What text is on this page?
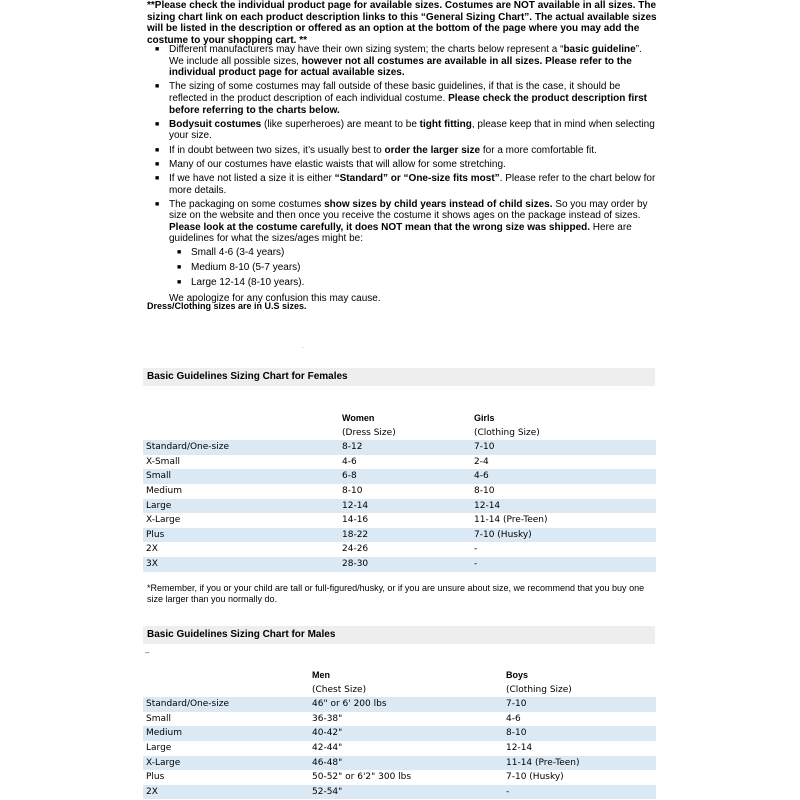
**Please check the individual product page for available sizes. Costumes are NOT available in all sizes. The sizing chart link on each product description links to this “General Sizing Chart”. The actual available sizes will be listed in the description or offered as an option at the bottom of the page where you may add the costume to your shopping cart. **
■ Different manufacturers may have their own sizing system; the charts below represent a “basic guideline”. We include all possible sizes, however not all costumes are available in all sizes. Please refer to the individual product page for actual available sizes.
■ The sizing of some costumes may fall outside of these basic guidelines, if that is the case, it should be reflected in the product description of each individual costume. Please check the product description first before referring to the charts below.
■ Bodysuit costumes (like superheroes) are meant to be tight fitting, please keep that in mind when selecting your size.
■ If in doubt between two sizes, it’s usually best to order the larger size for a more comfortable fit.
■ Many of our costumes have elastic waists that will allow for some stretching.
■ If we have not listed a size it is either “Standard” or “One-size fits most”. Please refer to the chart below for more details.
■ The packaging on some costumes show sizes by child years instead of child sizes. So you may order by size on the website and then once you receive the costume it shows ages on the package instead of sizes. Please look at the costume carefully, it does NOT mean that the wrong size was shipped. Here are guidelines for what the sizes/ages might be:
■ Small 4-6 (3-4 years)
■ Medium 8-10 (5-7 years)
■ Large 12-14 (8-10 years).
We apologize for any confusion this may cause.
Dress/Clothing sizes are in U.S sizes.
.
Basic Guidelines Sizing Chart for Females
	Women	Girls
	(Dress Size)	(Clothing Size)
Standard/One-size	8-12	7-10
X-Small	4-6	2-4
Small	6-8	4-6
Medium	8-10	8-10
Large	12-14	12-14
X-Large	14-16	11-14 (Pre-Teen)
Plus	18-22	7-10 (Husky)
2X	24-26	-
3X	28-30	-
*Remember, if you or your child are tall or full-figured/husky, or if you are unsure about size, we recommend that you buy one size larger than you normally do.
Basic Guidelines Sizing Chart for Males
–
	Men	Boys
	(Chest Size)	(Clothing Size)
Standard/One-size	46" or 6' 200 lbs	7-10
Small	36-38"	4-6
Medium	40-42"	8-10
Large	42-44"	12-14
X-Large	46-48"	11-14 (Pre-Teen)
Plus	50-52" or 6'2" 300 lbs	7-10 (Husky)
2X	52-54"	-
